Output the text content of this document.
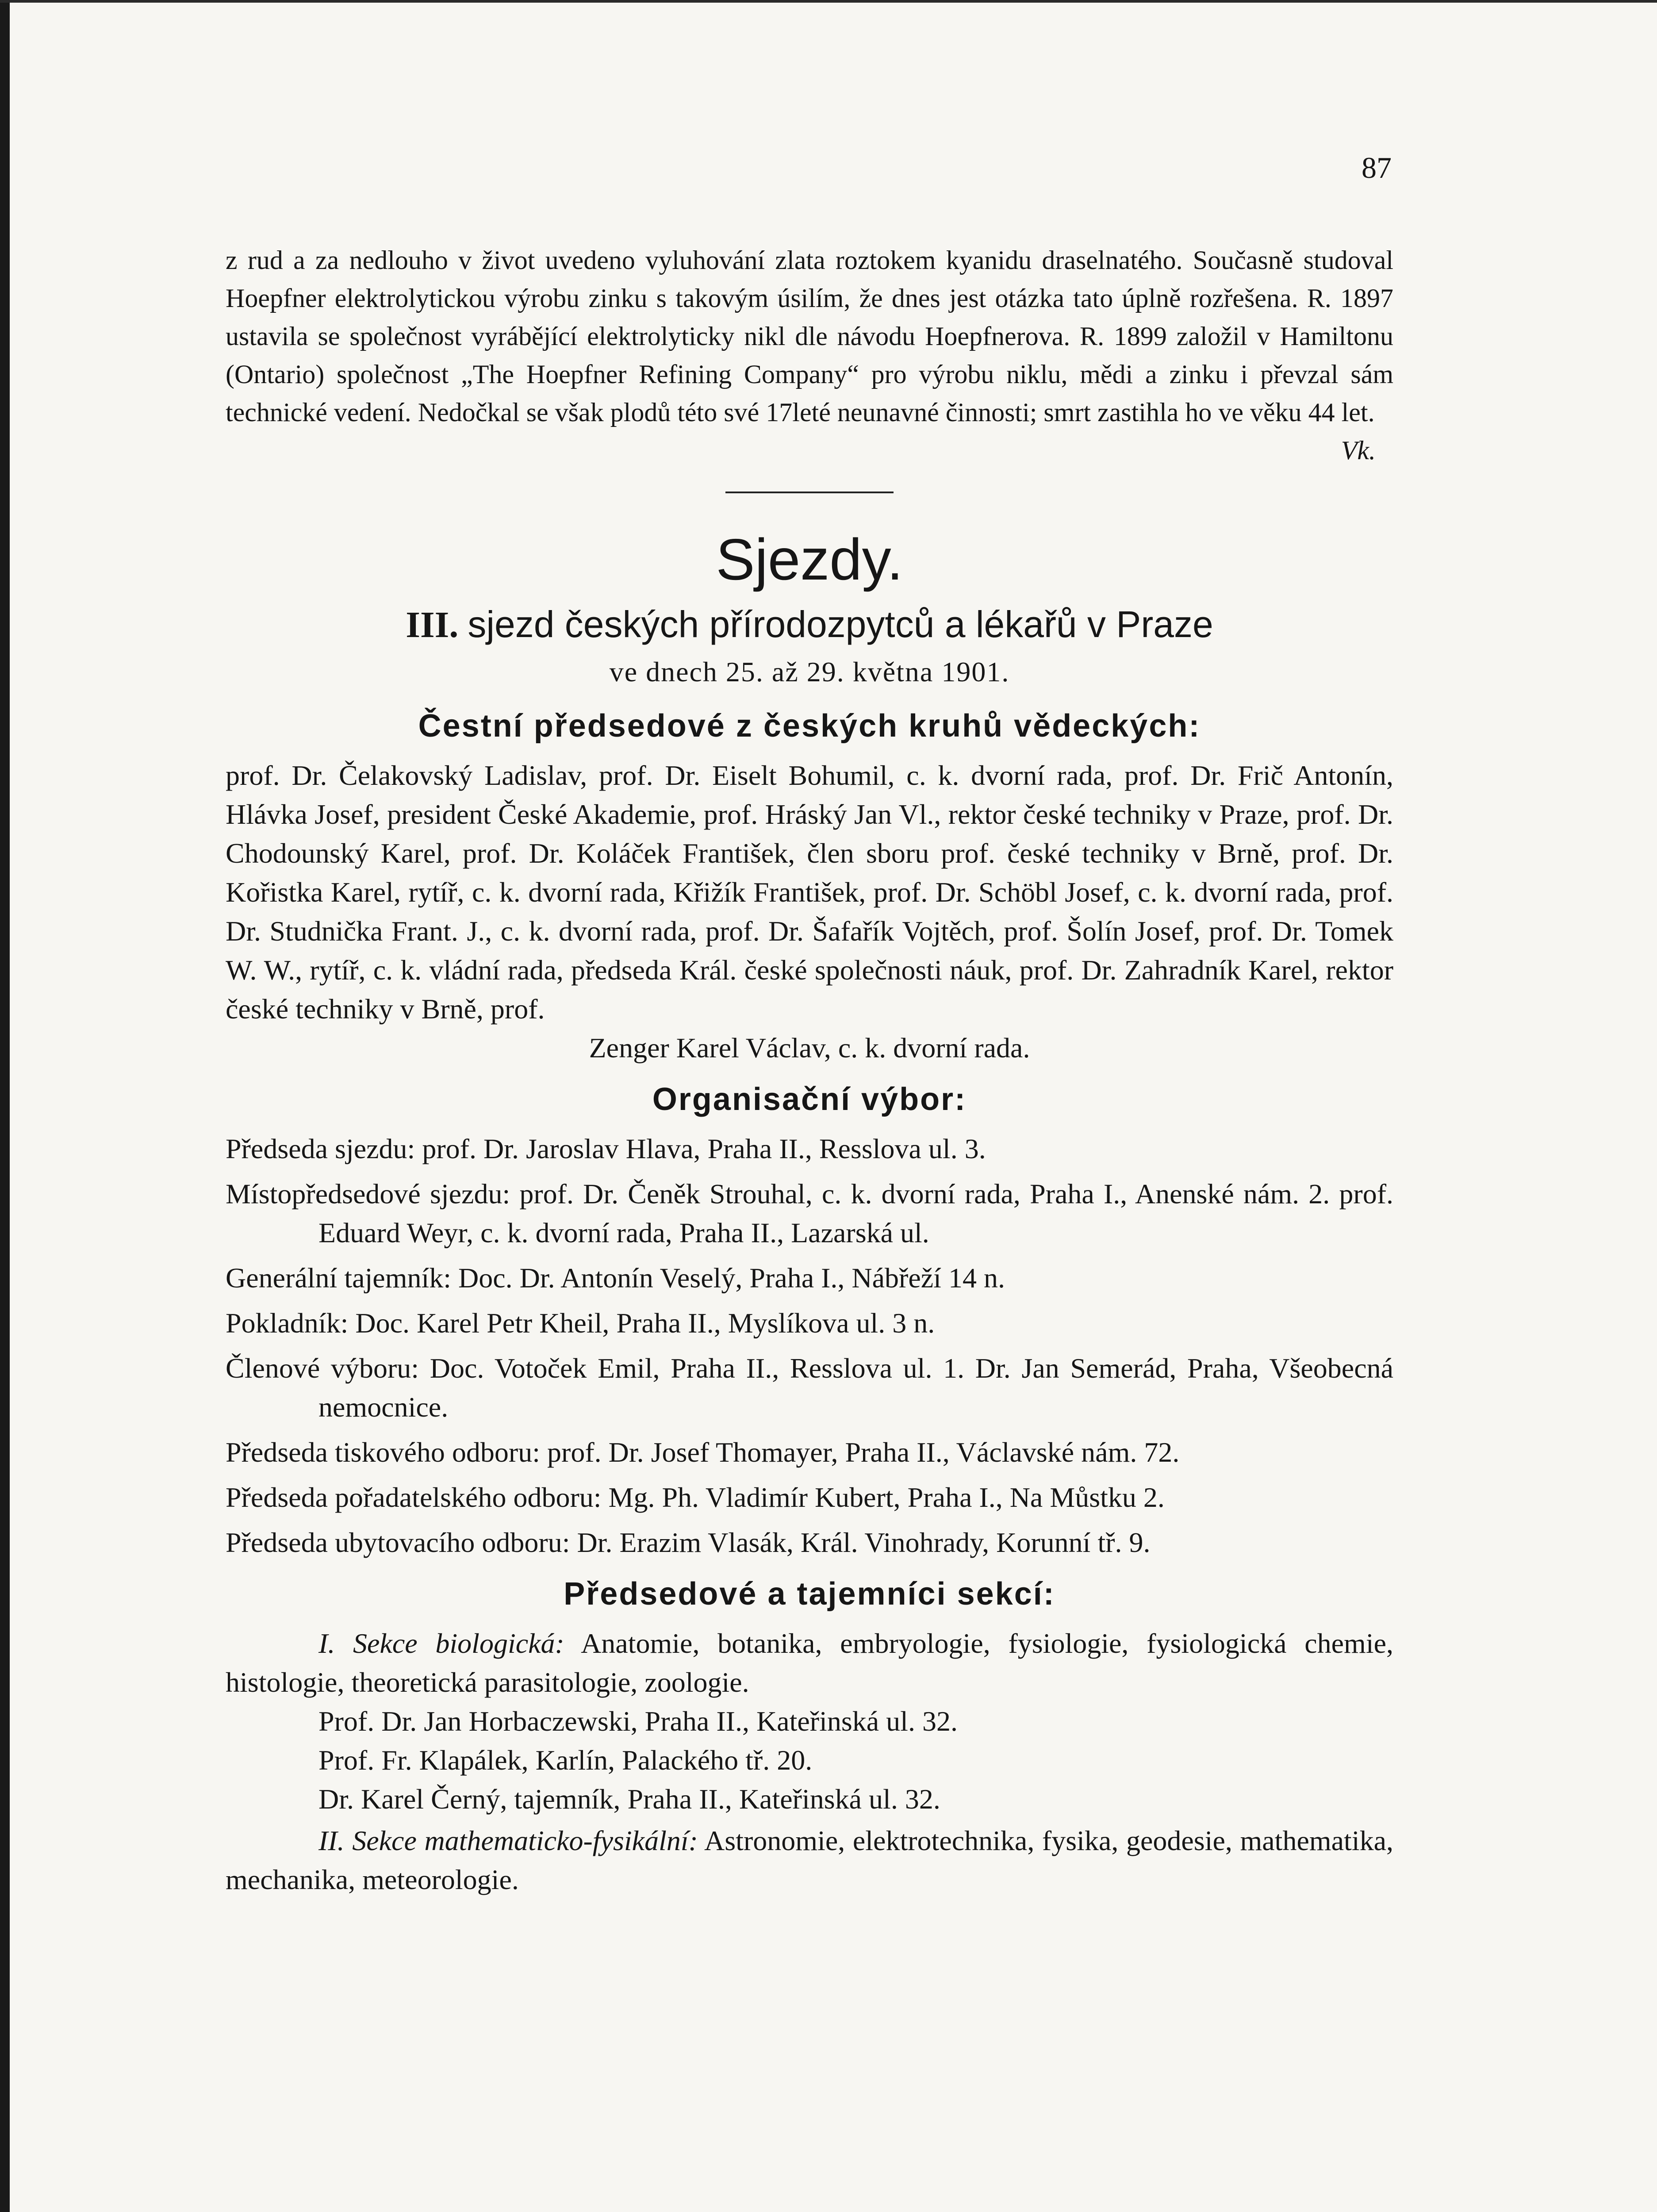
87
z rud a za nedlouho v život uvedeno vyluhování zlata roztokem kyanidu draselnatého. Současně studoval Hoepfner elektrolytickou výrobu zinku s takovým úsilím, že dnes jest otázka tato úplně rozřešena. R. 1897 ustavila se společnost vyrábějící elektrolyticky nikl dle návodu Hoepfnerova. R. 1899 založil v Hamiltonu (Ontario) společnost „The Hoepfner Refining Company“ pro výrobu niklu, mědi a zinku i převzal sám technické vedení. Nedočkal se však plodů této své 17leté neunavné činnosti; smrt zastihla ho ve věku 44 let.
Vk.
Sjezdy.
III. sjezd českých přírodozpytců a lékařů v Praze
ve dnech 25. až 29. května 1901.
Čestní předsedové z českých kruhů vědeckých:
prof. Dr. Čelakovský Ladislav, prof. Dr. Eiselt Bohumil, c. k. dvorní rada, prof. Dr. Frič Antonín, Hlávka Josef, president České Akademie, prof. Hráský Jan Vl., rektor české techniky v Praze, prof. Dr. Chodounský Karel, prof. Dr. Koláček František, člen sboru prof. české techniky v Brně, prof. Dr. Kořistka Karel, rytíř, c. k. dvorní rada, Křižík František, prof. Dr. Schöbl Josef, c. k. dvorní rada, prof. Dr. Studnička Frant. J., c. k. dvorní rada, prof. Dr. Šafařík Vojtěch, prof. Šolín Josef, prof. Dr. Tomek W. W., rytíř, c. k. vládní rada, předseda Král. české společnosti náuk, prof. Dr. Zahradník Karel, rektor české techniky v Brně, prof.
Zenger Karel Václav, c. k. dvorní rada.
Organisační výbor:
Předseda sjezdu: prof. Dr. Jaroslav Hlava, Praha II., Resslova ul. 3.
Místopředsedové sjezdu: prof. Dr. Čeněk Strouhal, c. k. dvorní rada, Praha I., Anenské nám. 2. prof. Eduard Weyr, c. k. dvorní rada, Praha II., Lazarská ul.
Generální tajemník: Doc. Dr. Antonín Veselý, Praha I., Nábřeží 14 n.
Pokladník: Doc. Karel Petr Kheil, Praha II., Myslíkova ul. 3 n.
Členové výboru: Doc. Votoček Emil, Praha II., Resslova ul. 1. Dr. Jan Semerád, Praha, Všeobecná nemocnice.
Předseda tiskového odboru: prof. Dr. Josef Thomayer, Praha II., Václavské nám. 72.
Předseda pořadatelského odboru: Mg. Ph. Vladimír Kubert, Praha I., Na Můstku 2.
Předseda ubytovacího odboru: Dr. Erazim Vlasák, Král. Vinohrady, Korunní tř. 9.
Předsedové a tajemníci sekcí:
I. Sekce biologická: Anatomie, botanika, embryologie, fysiologie, fysiologická chemie, histologie, theoretická parasitologie, zoologie.
Prof. Dr. Jan Horbaczewski, Praha II., Kateřinská ul. 32.
Prof. Fr. Klapálek, Karlín, Palackého tř. 20.
Dr. Karel Černý, tajemník, Praha II., Kateřinská ul. 32.
II. Sekce mathematicko-fysikální: Astronomie, elektrotechnika, fysika, geodesie, mathematika, mechanika, meteorologie.
